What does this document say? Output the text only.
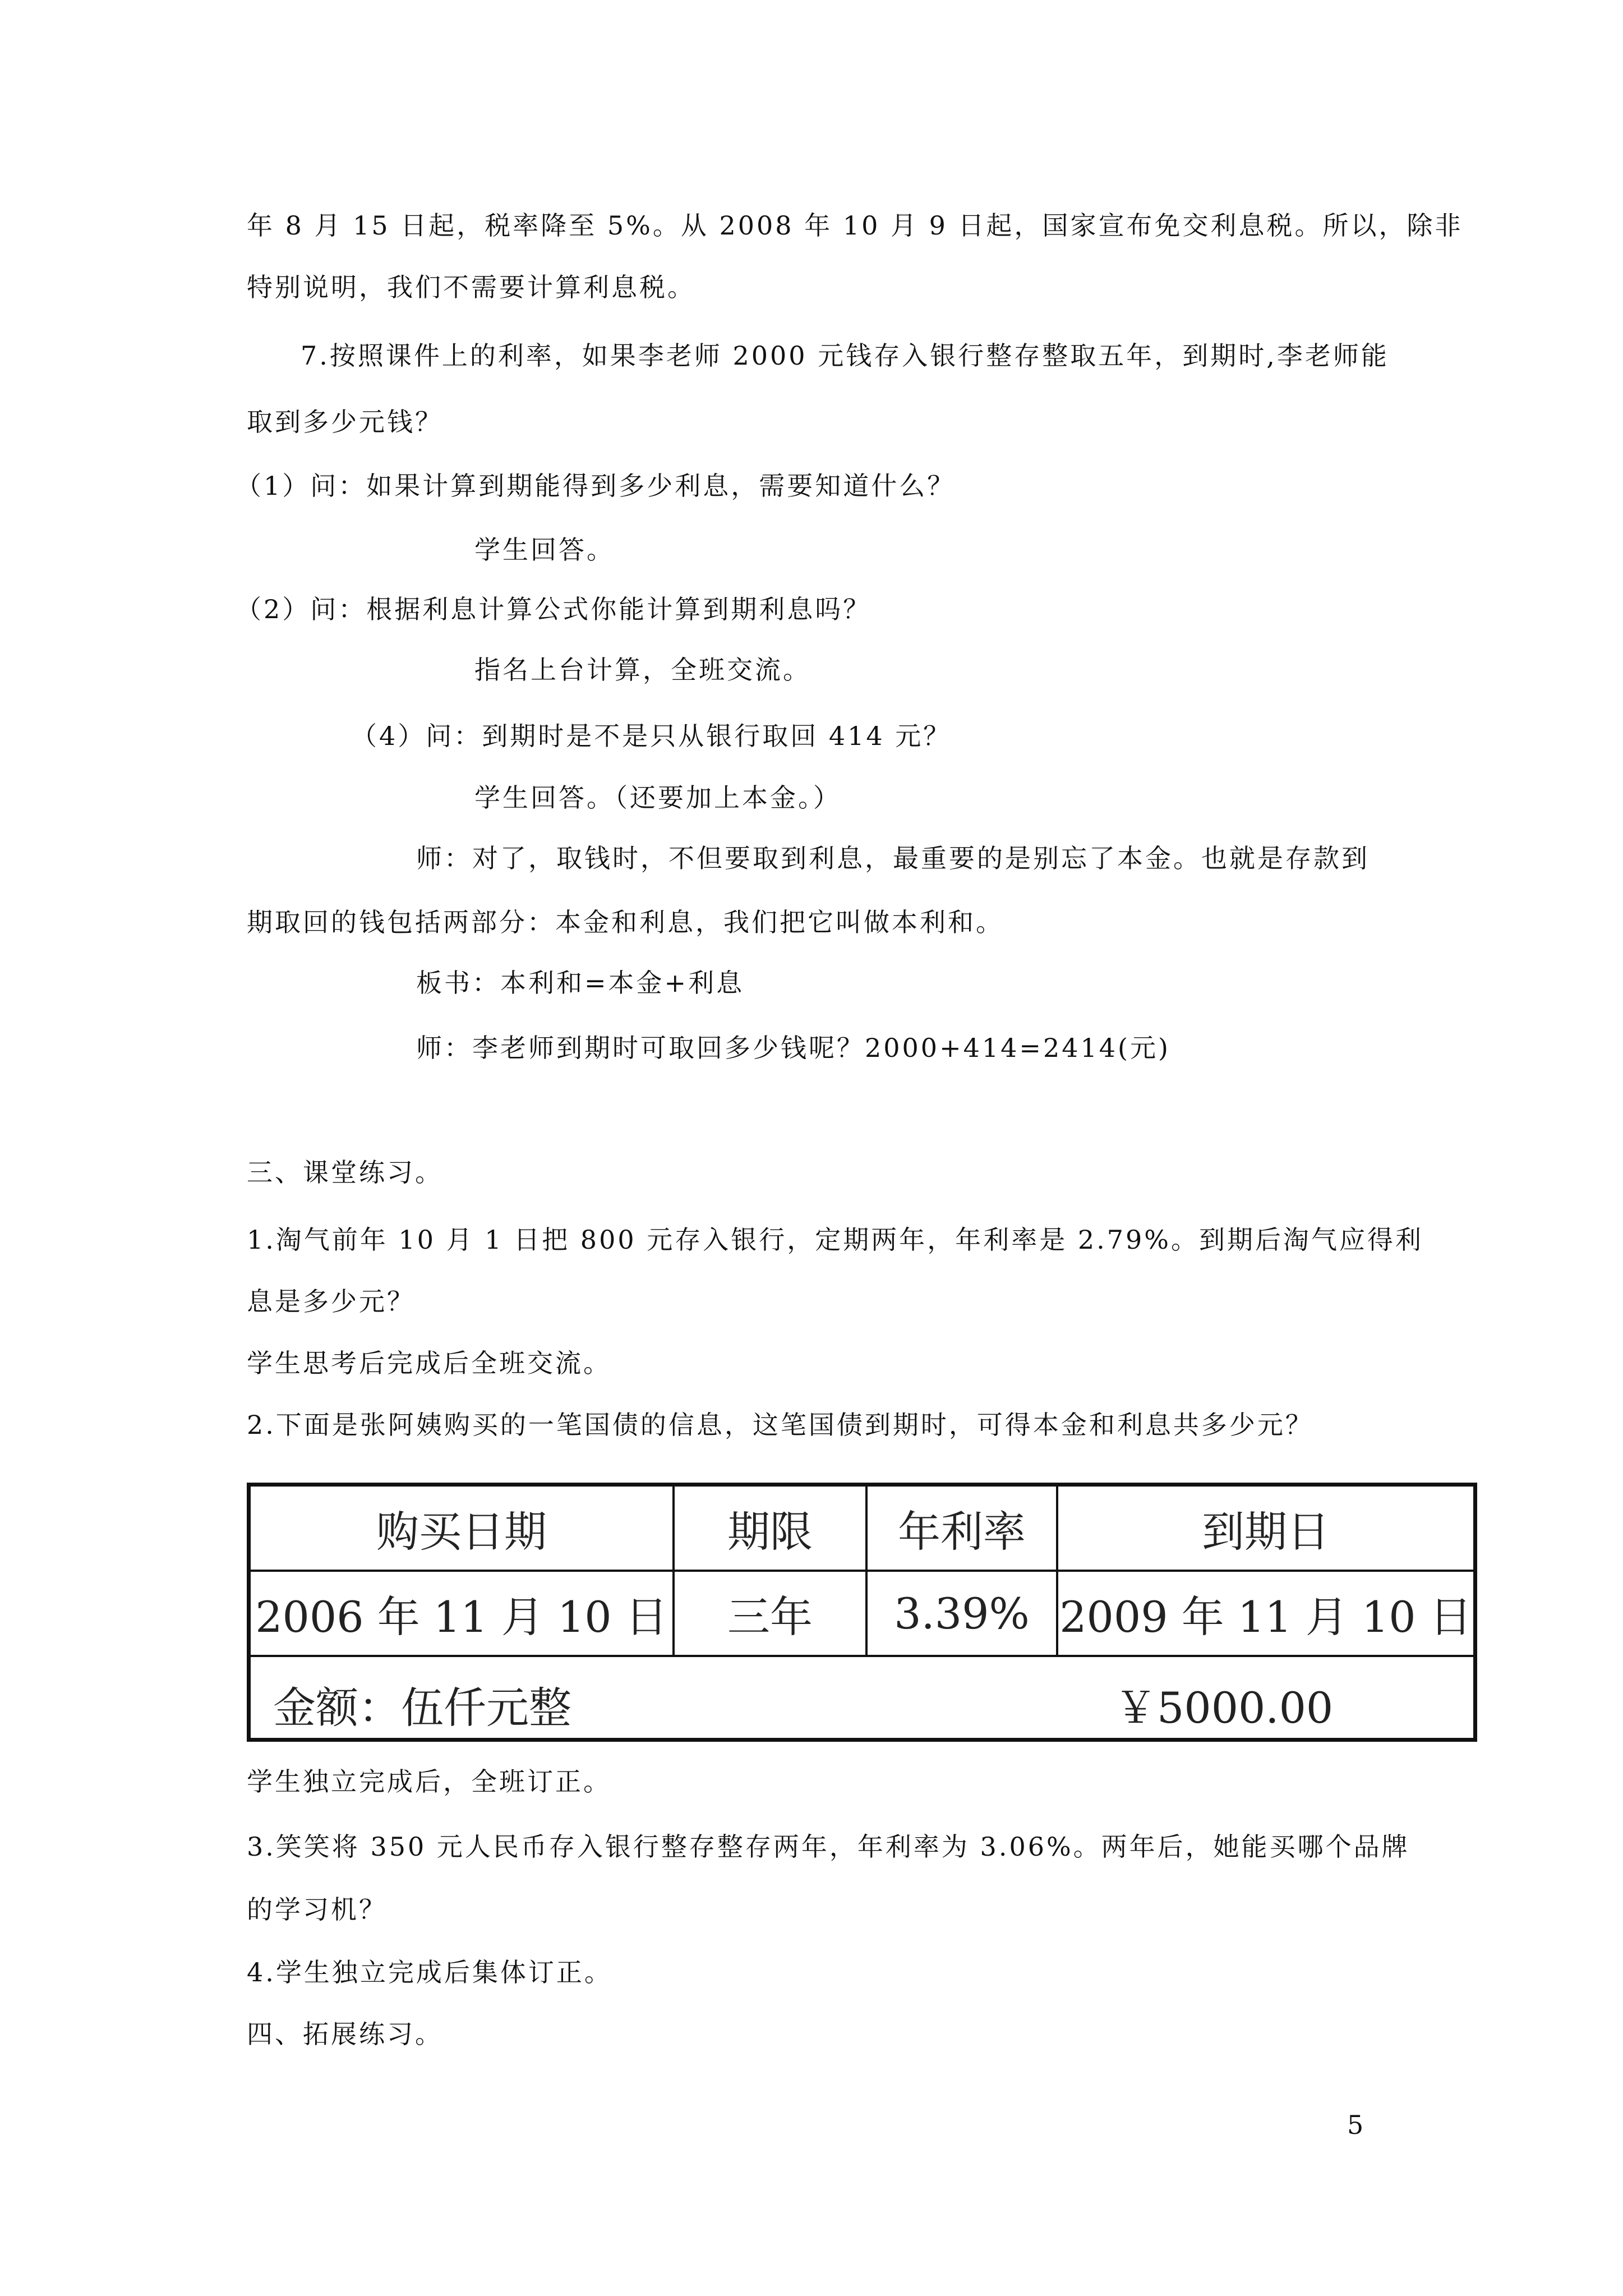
年 8 月 15 日起，税率降至 5%。从 2008 年 10 月 9 日起，国家宣布免交利息税。所以，除非
特别说明，我们不需要计算利息税。
7.按照课件上的利率，如果李老师 2000 元钱存入银行整存整取五年，到期时,李老师能
取到多少元钱？
（1）问：如果计算到期能得到多少利息，需要知道什么？
学生回答。
（2）问：根据利息计算公式你能计算到期利息吗？
指名上台计算，全班交流。
（4）问：到期时是不是只从银行取回 414 元？
学生回答。（还要加上本金。）
师：对了，取钱时，不但要取到利息，最重要的是别忘了本金。也就是存款到
期取回的钱包括两部分：本金和利息，我们把它叫做本利和。
板书：本利和=本金+利息
师：李老师到期时可取回多少钱呢？2000+414=2414(元)
三、课堂练习。
1.淘气前年 10 月 1 日把 800 元存入银行，定期两年，年利率是 2.79%。到期后淘气应得利
息是多少元？
学生思考后完成后全班交流。
2.下面是张阿姨购买的一笔国债的信息，这笔国债到期时，可得本金和利息共多少元？
购买日期	期限	年利率	到期日
2006 年 11 月 10 日	三年	3.39%	2009 年 11 月 10 日

金额：伍仟元整 ￥5000.00			
学生独立完成后，全班订正。
3.笑笑将 350 元人民币存入银行整存整存两年，年利率为 3.06%。两年后，她能买哪个品牌
的学习机？
4.学生独立完成后集体订正。
四、拓展练习。
5
